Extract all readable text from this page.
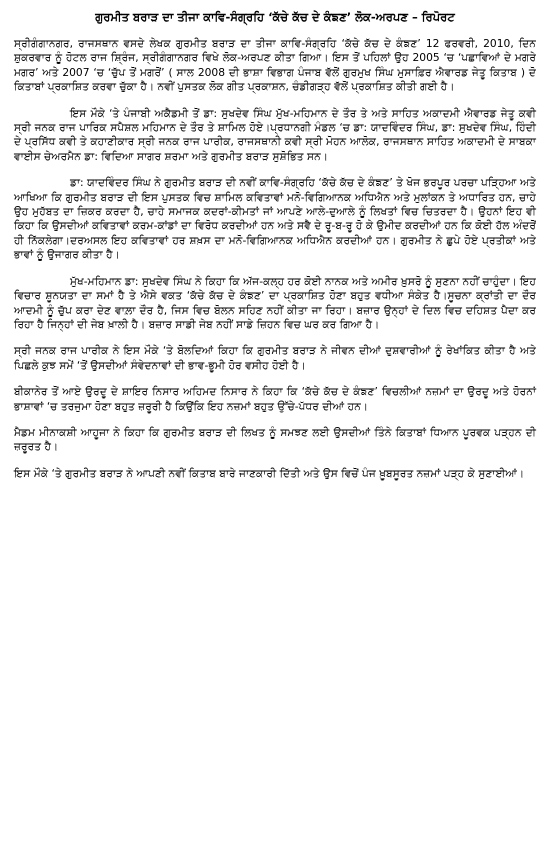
ਗੁਰਮੀਤ ਬਰਾੜ ਦਾ ਤੀਜਾ ਕਾਵਿ-ਸੰਗ੍ਰਹਿ ‘ਕੱਚੇ ਕੱਚ ਦੇ ਕੰਙਣ’ ਲੋਕ-ਅਰਪਣ – ਰਿਪੋਰਟ

ਸ੍ਰੀਗੰਗਾਨਗਰ, ਰਾਜਸਥਾਨ ਵਸਦੇ ਲੇਖਕ ਗੁਰਮੀਤ ਬਰਾੜ ਦਾ ਤੀਜਾ ਕਾਵਿ-ਸੰਗ੍ਰਹਿ ‘ਕੱਚੇ ਕੱਚ ਦੇ ਕੰਙਣ’ 12 ਫਰਵਰੀ, 2010, ਦਿਨ ਸ਼ੁਕਰਵਾਰ ਨੂੰ ਹੋਟਲ ਰਾਜ ਸ਼੍ਰਿੰਜ, ਸ੍ਰੀਗੰਗਾਨਗਰ ਵਿਖੇ ਲੋਕ-ਅਰਪਣ ਕੀਤਾ ਗਿਆ। ਇਸ ਤੋਂ ਪਹਿਲਾਂ ਉਹ 2005 ‘ਚ ‘ਪਛਾਵਿਆਂ ਦੇ ਮਗਰੇ ਮਗਰ’ ਅਤੇ 2007 ‘ਚ ‘ਚੁੱਪ ਤੋਂ ਮਗਰੋਂ’ ( ਸਾਲ 2008 ਦੀ ਭਾਸ਼ਾ ਵਿਭਾਗ ਪੰਜਾਬ ਵੱਲੋਂ ਗੁਰਮੁਖ ਸਿੰਘ ਮੁਸਾਫ਼ਿਰ ਐਵਾਰਡ ਜੇਤੂ ਕਿਤਾਬ ) ਦੋ ਕਿਤਾਬਾਂ ਪ੍ਰਕਾਸ਼ਿਤ ਕਰਵਾ ਚੁੱਕਾ ਹੈ। ਨਵੀਂ ਪੁਸਤਕ ਲੋਕ ਗੀਤ ਪ੍ਰਕਾਸ਼ਨ, ਚੰਡੀਗੜ੍ਹ ਵੱਲੋਂ ਪ੍ਰਕਾਸ਼ਿਤ ਕੀਤੀ ਗਈ ਹੈ।

ਇਸ ਮੌਕੇ ‘ਤੇ ਪੰਜਾਬੀ ਅਕੈਡਮੀ ਤੋਂ ਡਾ: ਸੁਖਦੇਵ ਸਿੰਘ ਮੁੱਖ-ਮਹਿਮਾਨ ਦੇ ਤੌਰ ਤੇ ਅਤੇ ਸਾਹਿਤ ਅਕਾਦਮੀ ਐਵਾਰਡ ਜੇਤੂ ਕਵੀ ਸ੍ਰੀ ਜਨਕ ਰਾਜ ਪਾਰਿਕ ਸਪੈਸ਼ਲ ਮਹਿਮਾਨ ਦੇ ਤੌਰ ਤੇ ਸ਼ਾਮਿਲ ਹੋਏ।ਪ੍ਰਧਾਨਗੀ ਮੰਡਲ ‘ਚ ਡਾ: ਯਾਦਵਿੰਦਰ ਸਿੰਘ, ਡਾ: ਸੁਖਦੇਵ ਸਿੰਘ, ਹਿੰਦੀ ਦੇ ਪ੍ਰਸਿੱਧ ਕਵੀ ਤੇ ਕਹਾਣੀਕਾਰ ਸ੍ਰੀ ਜਨਕ ਰਾਜ ਪਾਰੀਕ, ਰਾਜਸਥਾਨੀ ਕਵੀ ਸ੍ਰੀ ਮੋਹਨ ਆਲੋਕ, ਰਾਜਸਥਾਨ ਸਾਹਿਤ ਅਕਾਦਮੀ ਦੇ ਸਾਬਕਾ ਵਾਈਸ ਚੇਅਰਮੈਨ ਡਾ: ਵਿਦਿਆ ਸਾਗਰ ਸ਼ਰਮਾ ਅਤੇ ਗੁਰਮੀਤ ਬਰਾੜ ਸੁਸ਼ੋਭਿਤ ਸਨ।

ਡਾ: ਯਾਦਵਿੰਦਰ ਸਿੰਘ ਨੇ ਗੁਰਮੀਤ ਬਰਾੜ ਦੀ ਨਵੀਂ ਕਾਵਿ-ਸੰਗ੍ਰਹਿ ‘ਕੱਚੇ ਕੱਚ ਦੇ ਕੰਙਣ’ ਤੇ ਖੋਜ ਭਰਪੂਰ ਪਰਚਾ ਪੜ੍ਹਿਆ ਅਤੇ ਆਖਿਆ ਕਿ ਗੁਰਮੀਤ ਬਰਾੜ ਦੀ ਇਸ ਪੁਸਤਕ ਵਿਚ ਸ਼ਾਮਿਲ ਕਵਿਤਾਵਾਂ ਮਨੋ-ਵਿਗਿਆਨਕ ਅਧਿਐਨ ਅਤੇ ਮੁਲਾਂਕਨ ਤੇ ਅਧਾਰਿਤ ਹਨ, ਚਾਹੇ ਉਹ ਮੁਹੱਬਤ ਦਾ ਜ਼ਿਕਰ ਕਰਦਾ ਹੈ, ਚਾਹੇ ਸਮਾਜਕ ਕਦਰਾਂ-ਕੀਮਤਾਂ ਜਾਂ ਆਪਣੇ ਆਲੇ-ਦੁਆਲੇ ਨੂੰ ਲਿਖਤਾਂ ਵਿਚ ਚਿਤਰਦਾ ਹੈ। ਉਹਨਾਂ ਇਹ ਵੀ ਕਿਹਾ ਕਿ ਉਸਦੀਆਂ ਕਵਿਤਾਵਾਂ ਕਰਮ-ਕਾਂਡਾਂ ਦਾ ਵਿਰੋਧ ਕਰਦੀਆਂ ਹਨ ਅਤੇ ਸਵੈ ਦੇ ਰੂ-ਬ-ਰੂ ਹੋ ਕੇ ਉਮੀਦ ਕਰਦੀਆਂ ਹਨ ਕਿ ਕੋਈ ਹੱਲ ਅੰਦਰੋਂ ਹੀ ਨਿੱਕਲੇਗਾ।ਦਰਅਸਲ ਇਹ ਕਵਿਤਾਵਾਂ ਹਰ ਸ਼ਖ਼ਸ ਦਾ ਮਨੋ-ਵਿਗਿਆਨਕ ਅਧਿਐਨ ਕਰਦੀਆਂ ਹਨ। ਗੁਰਮੀਤ ਨੇ ਛੁਪੇ ਹੋਏ ਪ੍ਰਤੀਕਾਂ ਅਤੇ ਭਾਵਾਂ ਨੂੰ ਉਜਾਗਰ ਕੀਤਾ ਹੈ।

ਮੁੱਖ-ਮਹਿਮਾਨ ਡਾ: ਸੁਖਦੇਵ ਸਿੰਘ ਨੇ ਕਿਹਾ ਕਿ ਅੱਜ-ਕਲ੍ਹ ਹਰ ਕੋਈ ਨਾਨਕ ਅਤੇ ਅਮੀਰ ਖ਼ੁਸਰੋ ਨੂੰ ਸੁਣਨਾ ਨਹੀਂ ਚਾਹੁੰਦਾ। ਇਹ ਵਿਚਾਰ ਸ਼ੂਨਯਤਾ ਦਾ ਸਮਾਂ ਹੈ ਤੇ ਐਸੇ ਵਕਤ ‘ਕੱਚੇ ਕੱਚ ਦੇ ਕੰਙਣ’ ਦਾ ਪ੍ਰਕਾਸ਼ਿਤ ਹੋਣਾ ਬਹੁਤ ਵਧੀਆ ਸੰਕੇਤ ਹੈ।ਸੂਚਨਾ ਕ੍ਰਾਂਤੀ ਦਾ ਦੌਰ ਆਦਮੀ ਨੂੰ ਚੁੱਪ ਕਰਾ ਦੇਣ ਵਾਲ਼ਾ ਦੌਰ ਹੈ, ਜਿਸ ਵਿਚ ਬੋਲਨ ਸਹਿਣ ਨਹੀਂ ਕੀਤਾ ਜਾ ਰਿਹਾ। ਬਜ਼ਾਰ ਉਨ੍ਹਾਂ ਦੇ ਦਿਲ ਵਿਚ ਦਹਿਸ਼ਤ ਪੈਦਾ ਕਰ ਰਿਹਾ ਹੈ ਜਿਨ੍ਹਾਂ ਦੀ ਜੇਬ ਖ਼ਾਲੀ ਹੈ। ਬਜ਼ਾਰ ਸਾਡੀ ਜੇਬ ਨਹੀਂ ਸਾਡੇ ਜ਼ਿਹਨ ਵਿਚ ਘਰ ਕਰ ਗਿਆ ਹੈ।

ਸ੍ਰੀ ਜਨਕ ਰਾਜ ਪਾਰੀਕ ਨੇ ਇਸ ਮੌਕੇ ‘ਤੇ ਬੋਲਦਿਆਂ ਕਿਹਾ ਕਿ ਗੁਰਮੀਤ ਬਰਾੜ ਨੇ ਜੀਵਨ ਦੀਆਂ ਦੁਸ਼ਵਾਰੀਆਂ ਨੂੰ ਰੇਖਾਂਕਿਤ ਕੀਤਾ ਹੈ ਅਤੇ ਪਿਛਲੇ ਕੁਝ ਸਮੇਂ ‘ਤੋਂ ਉਸਦੀਆਂ ਸੰਵੇਦਨਾਵਾਂ ਦੀ ਭਾਵ-ਭੂਮੀ ਹੋਰ ਵਸੀਹ ਹੋਈ ਹੈ।

ਬੀਕਾਨੇਰ ਤੋਂ ਆਏ ਉਰਦੂ ਦੇ ਸ਼ਾਇਰ ਨਿਸਾਰ ਅਹਿਮਦ ਨਿਸਾਰ ਨੇ ਕਿਹਾ ਕਿ ‘ਕੱਚੇ ਕੱਚ ਦੇ ਕੰਙਣ’ ਵਿਚਲੀਆਂ ਨਜ਼ਮਾਂ ਦਾ ਉਰਦੂ ਅਤੇ ਹੋਰਨਾਂ ਭਾਸ਼ਾਵਾਂ ‘ਚ ਤਰਜੁਮਾ ਹੋਣਾ ਬਹੁਤ ਜ਼ਰੂਰੀ ਹੈ ਕਿਉਂਕਿ ਇਹ ਨਜ਼ਮਾਂ ਬਹੁਤ ਉੱਚੇ-ਪੱਧਰ ਦੀਆਂ ਹਨ।

ਮੈਡਮ ਮੀਨਾਕਸ਼ੀ ਆਹੂਜਾ ਨੇ ਕਿਹਾ ਕਿ ਗੁਰਮੀਤ ਬਰਾੜ ਦੀ ਲਿਖਤ ਨੂੰ ਸਮਝਣ ਲਈ ਉਸਦੀਆਂ ਤਿੰਨੇ ਕਿਤਾਬਾਂ ਧਿਆਨ ਪੂਰਵਕ ਪੜ੍ਹਨ ਦੀ ਜ਼ਰੂਰਤ ਹੈ।

ਇਸ ਮੌਕੇ ‘ਤੇ ਗੁਰਮੀਤ ਬਰਾੜ ਨੇ ਆਪਣੀ ਨਵੀਂ ਕਿਤਾਬ ਬਾਰੇ ਜਾਣਕਾਰੀ ਦਿੱਤੀ ਅਤੇ ਉਸ ਵਿਚੋਂ ਪੰਜ ਖ਼ੂਬਸੂਰਤ ਨਜ਼ਮਾਂ ਪੜ੍ਹ ਕੇ ਸੁਣਾਈਆਂ।
